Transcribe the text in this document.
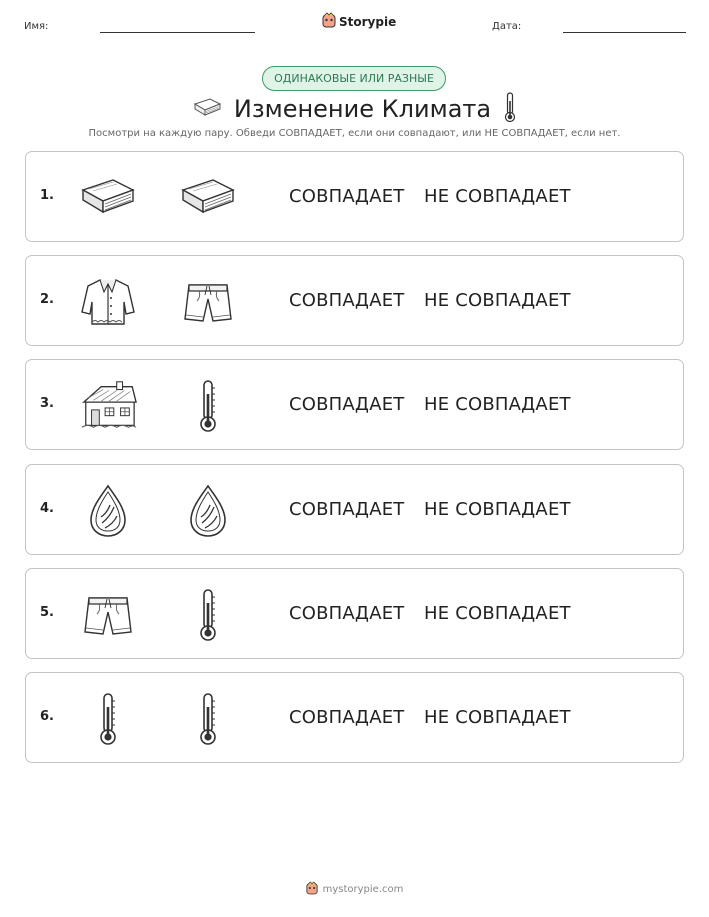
Имя:	Storypie	Дата:
ОДИНАКОВЫЕ ИЛИ РАЗНЫЕ
Изменение Климата
Посмотри на каждую пару. Обведи СОВПАДАЕТ, если они совпадают, или НЕ СОВПАДАЕТ, если нет.
1.	СОВПАДАЕТ НЕ СОВПАДАЕТ
2.	СОВПАДАЕТ НЕ СОВПАДАЕТ
3.	СОВПАДАЕТ НЕ СОВПАДАЕТ
4.	СОВПАДАЕТ НЕ СОВПАДАЕТ
5.	СОВПАДАЕТ НЕ СОВПАДАЕТ
6.	СОВПАДАЕТ НЕ СОВПАДАЕТ
mystorypie.com
